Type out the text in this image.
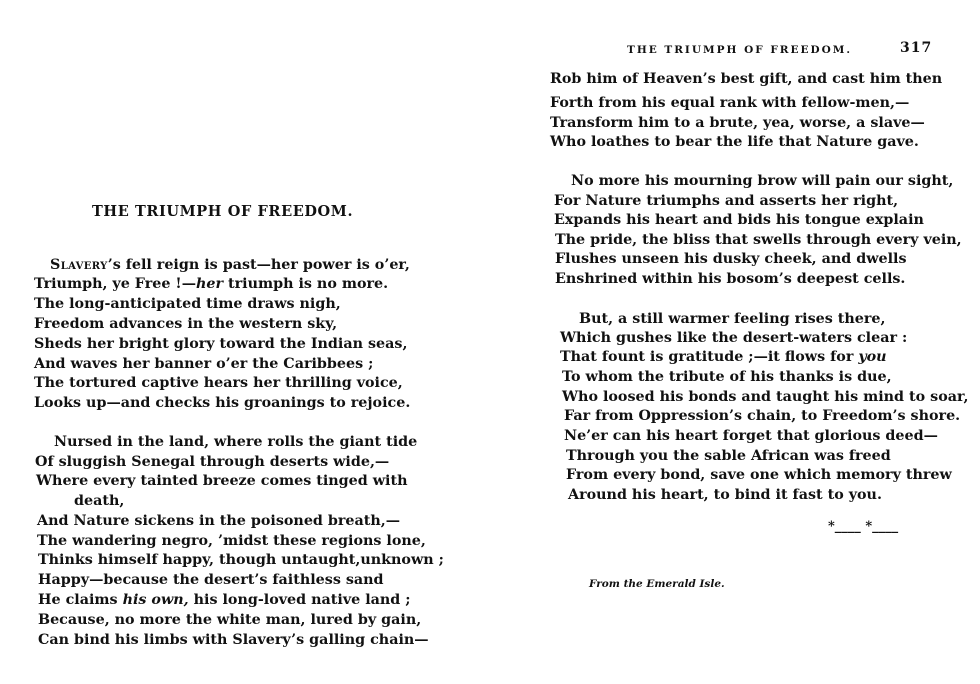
THE TRIUMPH OF FREEDOM.
Slavery’s fell reign is past—her power is o’er,
Triumph, ye Free !—her triumph is no more.
The long-anticipated time draws nigh,
Freedom advances in the western sky,
Sheds her bright glory toward the Indian seas,
And waves her banner o’er the Caribbees ;
The tortured captive hears her thrilling voice,
Looks up—and checks his groanings to rejoice.
Nursed in the land, where rolls the giant tide
Of sluggish Senegal through deserts wide,—
Where every tainted breeze comes tinged with
death,
And Nature sickens in the poisoned breath,—
The wandering negro, ’midst these regions lone,
Thinks himself happy, though untaught,unknown ;
Happy—because the desert’s faithless sand
He claims his own, his long-loved native land ;
Because, no more the white man, lured by gain,
Can bind his limbs with Slavery’s galling chain—
THE TRIUMPH OF FREEDOM.	317
Rob him of Heaven’s best gift, and cast him then
Forth from his equal rank with fellow-men,—
Transform him to a brute, yea, worse, a slave—
Who loathes to bear the life that Nature gave.
No more his mourning brow will pain our sight,
For Nature triumphs and asserts her right,
Expands his heart and bids his tongue explain
The pride, the bliss that swells through every vein,
Flushes unseen his dusky cheek, and dwells
Enshrined within his bosom’s deepest cells.
But, a still warmer feeling rises there,
Which gushes like the desert-waters clear :
That fount is gratitude ;—it flows for you
To whom the tribute of his thanks is due,
Who loosed his bonds and taught his mind to soar,
Far from Oppression’s chain, to Freedom’s shore.
Ne’er can his heart forget that glorious deed—
Through you the sable African was freed
From every bond, save one which memory threw
Around his heart, to bind it fast to you.
*____ *____
From the Emerald Isle.
